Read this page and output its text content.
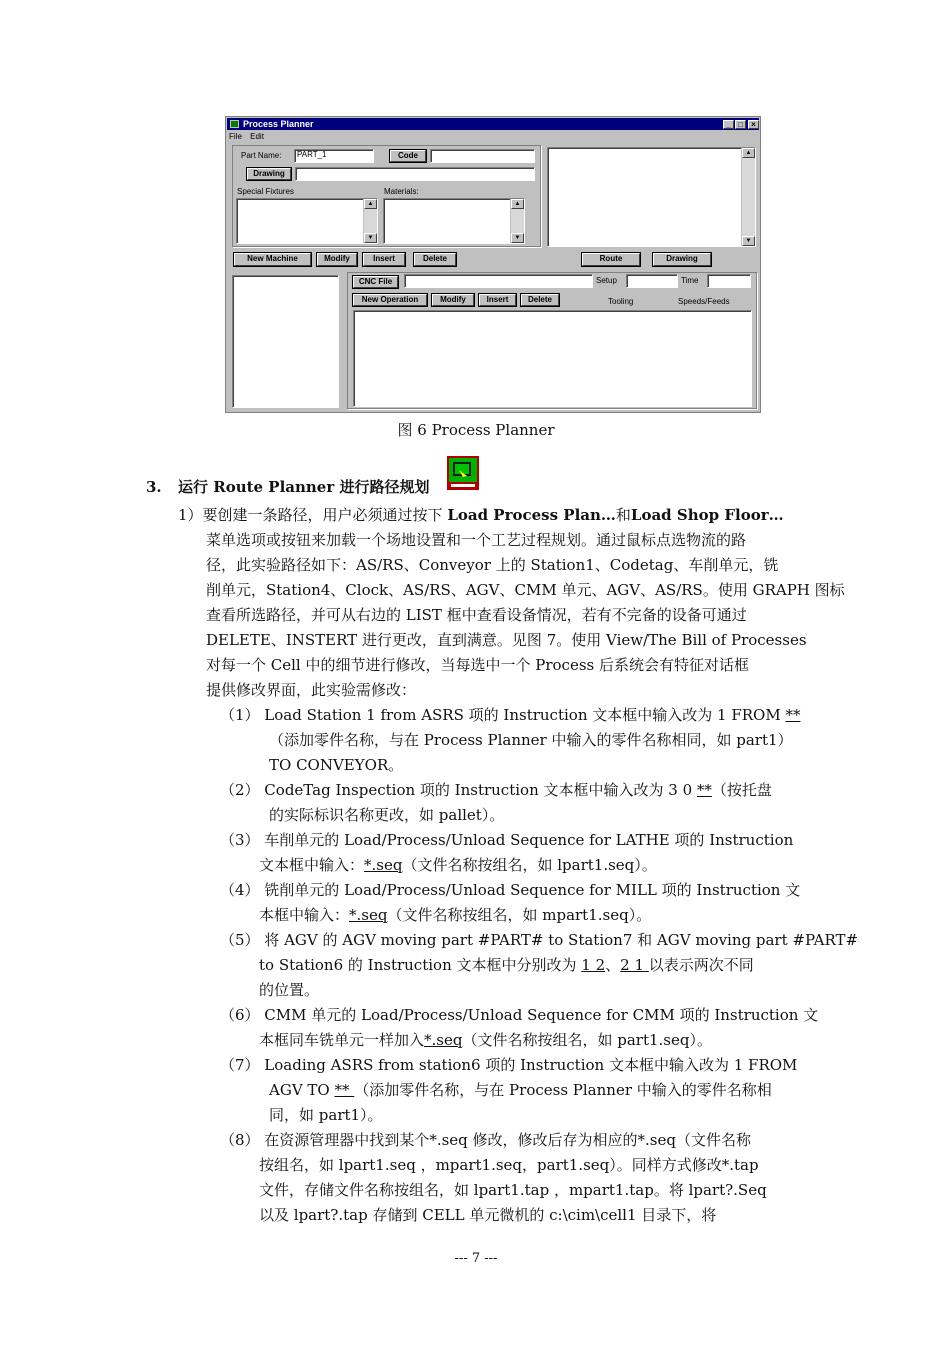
Process Planner	_ □	×
File Edit
Part Name:	PART_1	Code
Drawing
Special Fixtures	Materials:
▲
▼
▲
▼
▲
▼
New Machine	Modify	Insert	Delete	Route	Drawing
CNC File	Setup	Time
New Operation	Modify	Insert	Delete	Tooling	Speeds/Feeds
图 6 Process Planner
3. 运行 Route Planner 进行路径规划
1）要创建一条路径，用户必须通过按下 Load Process Plan…和Load Shop Floor…
菜单选项或按钮来加载一个场地设置和一个工艺过程规划。通过鼠标点选物流的路
径，此实验路径如下：AS/RS、Conveyor 上的 Station1、Codetag、车削单元，铣
削单元，Station4、Clock、AS/RS、AGV、CMM 单元、AGV、AS/RS。使用 GRAPH 图标
查看所选路径，并可从右边的 LIST 框中查看设备情况，若有不完备的设备可通过
DELETE、INSTERT 进行更改，直到满意。见图 7。使用 View/The Bill of Processes
对每一个 Cell 中的细节进行修改，当每选中一个 Process 后系统会有特征对话框
提供修改界面，此实验需修改：
（1） Load Station 1 from ASRS 项的 Instruction 文本框中输入改为 1 FROM **
（添加零件名称，与在 Process Planner 中输入的零件名称相同，如 part1）
TO CONVEYOR。
（2） CodeTag Inspection 项的 Instruction 文本框中输入改为 3 0 **（按托盘
的实际标识名称更改，如 pallet）。
（3） 车削单元的 Load/Process/Unload Sequence for LATHE 项的 Instruction
文本框中输入：*.seq（文件名称按组名，如 lpart1.seq）。
（4） 铣削单元的 Load/Process/Unload Sequence for MILL 项的 Instruction 文
本框中输入：*.seq（文件名称按组名，如 mpart1.seq）。
（5） 将 AGV 的 AGV moving part #PART# to Station7 和 AGV moving part #PART#
to Station6 的 Instruction 文本框中分别改为 1 2、2 1 以表示两次不同
的位置。
（6） CMM 单元的 Load/Process/Unload Sequence for CMM 项的 Instruction 文
本框同车铣单元一样加入*.seq（文件名称按组名，如 part1.seq）。
（7） Loading ASRS from station6 项的 Instruction 文本框中输入改为 1 FROM
AGV TO ** （添加零件名称，与在 Process Planner 中输入的零件名称相
同，如 part1）。
（8） 在资源管理器中找到某个*.seq 修改，修改后存为相应的*.seq（文件名称
按组名，如 lpart1.seq ，mpart1.seq，part1.seq）。同样方式修改*.tap
文件，存储文件名称按组名，如 lpart1.tap ，mpart1.tap。将 lpart?.Seq
以及 lpart?.tap 存储到 CELL 单元微机的 c:\cim\cell1 目录下，将
--- 7 ---
